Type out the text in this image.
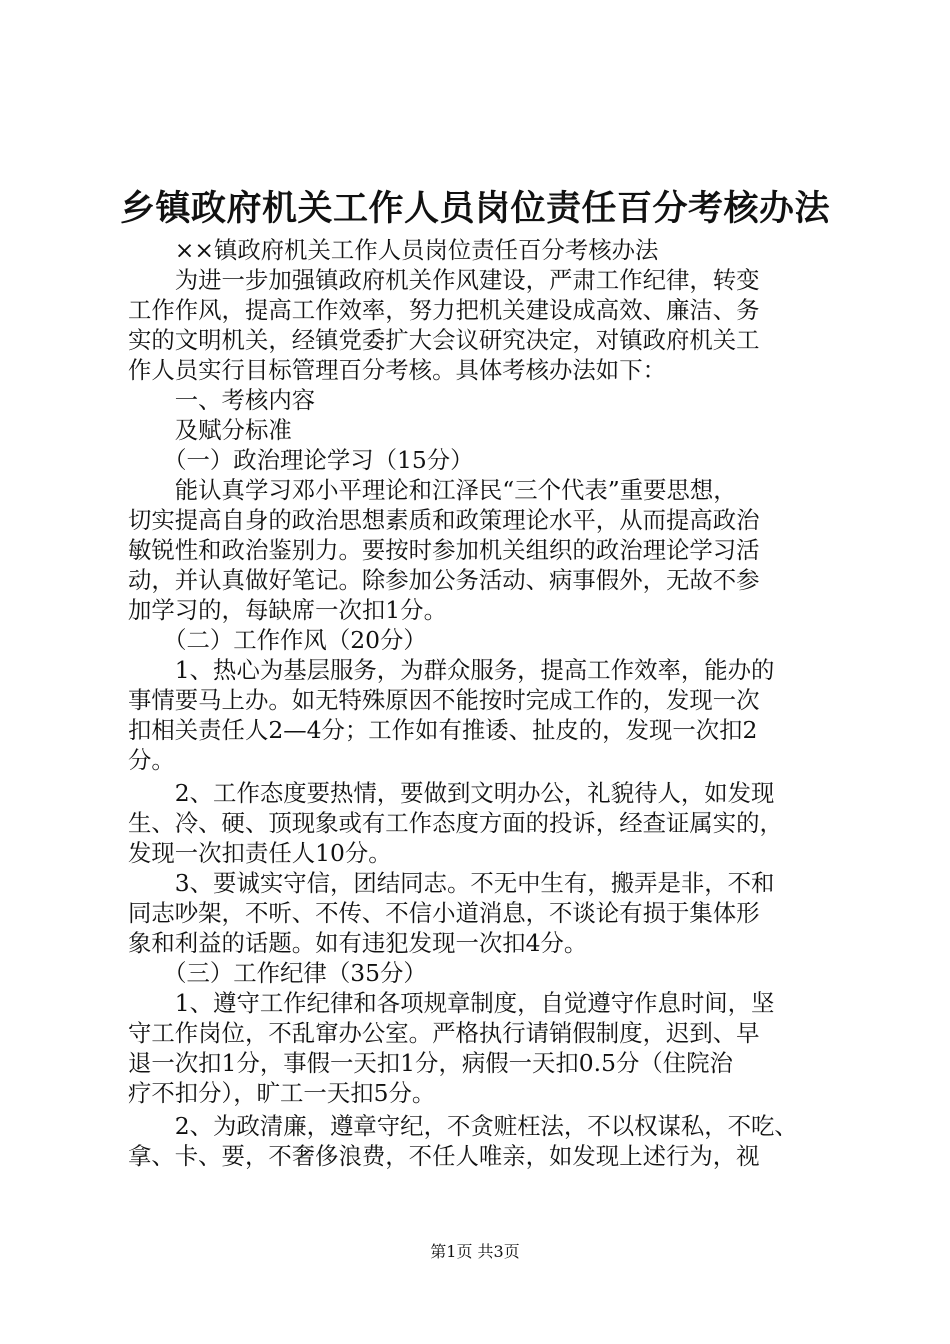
乡镇政府机关工作人员岗位责任百分考核办法
　　××镇政府机关工作人员岗位责任百分考核办法
　　为进一步加强镇政府机关作风建设，严肃工作纪律，转变
工作作风，提高工作效率，努力把机关建设成高效、廉洁、务
实的文明机关，经镇党委扩大会议研究决定，对镇政府机关工
作人员实行目标管理百分考核。具体考核办法如下：
　　一、考核内容
　　及赋分标准
　　（一）政治理论学习（15分）
　　能认真学习邓小平理论和江泽民“三个代表”重要思想，
切实提高自身的政治思想素质和政策理论水平，从而提高政治
敏锐性和政治鉴别力。要按时参加机关组织的政治理论学习活
动，并认真做好笔记。除参加公务活动、病事假外，无故不参
加学习的，每缺席一次扣1分。
　　（二）工作作风（20分）
　　1、热心为基层服务，为群众服务，提高工作效率，能办的
事情要马上办。如无特殊原因不能按时完成工作的，发现一次
扣相关责任人2—4分；工作如有推诿、扯皮的，发现一次扣2
分。
　　2、工作态度要热情，要做到文明办公，礼貌待人，如发现
生、冷、硬、顶现象或有工作态度方面的投诉，经查证属实的，
发现一次扣责任人10分。
　　3、要诚实守信，团结同志。不无中生有，搬弄是非，不和
同志吵架，不听、不传、不信小道消息，不谈论有损于集体形
象和利益的话题。如有违犯发现一次扣4分。
　　（三）工作纪律（35分）
　　1、遵守工作纪律和各项规章制度，自觉遵守作息时间，坚
守工作岗位，不乱窜办公室。严格执行请销假制度，迟到、早
退一次扣1分，事假一天扣1分，病假一天扣0.5分（住院治
疗不扣分），旷工一天扣5分。
　　2、为政清廉，遵章守纪，不贪赃枉法，不以权谋私，不吃、
拿、卡、要，不奢侈浪费，不任人唯亲，如发现上述行为，视
第1页 共3页
